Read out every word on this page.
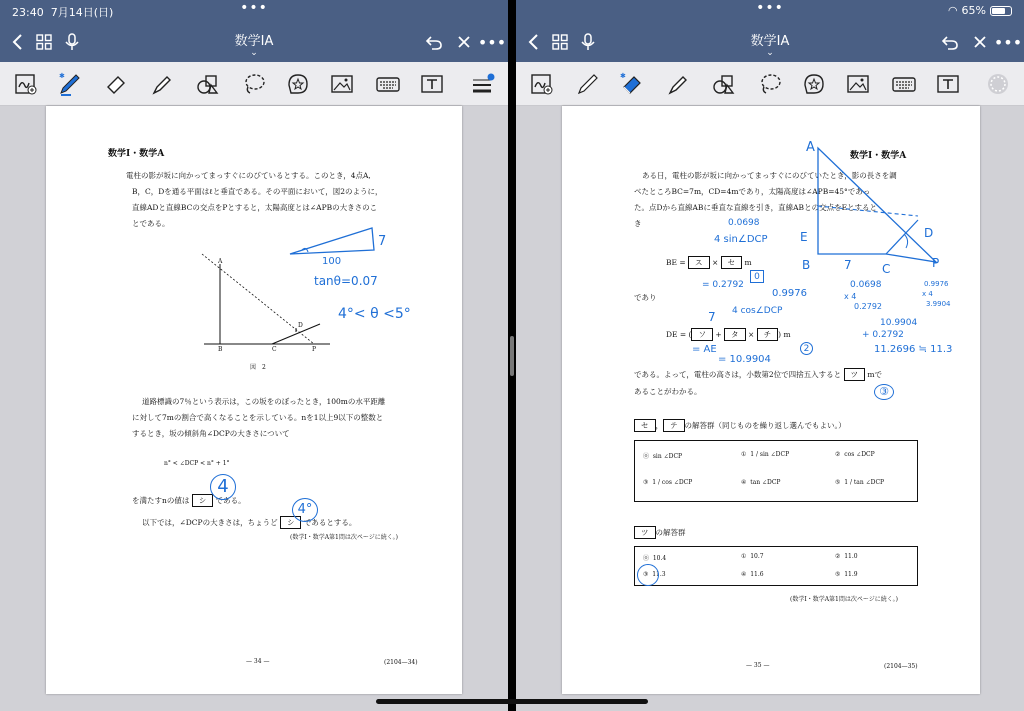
23:40 7月14日(日)	•••
数学IA
⌄
•••
✱
数学Ⅰ・数学A
電柱の影が坂に向かってまっすぐにのびているとする。このとき，4点A,
B，C，Dを通る平面はℓと垂直である。その平面において，図2のように，
直線ADと直線BCの交点をPとすると，太陽高度とは∠APBの大きさのこ
とである。
A
B	C
D
P
図　2
道路標識の7％という表示は，この坂をのぼったとき，100mの水平距離
に対して7mの割合で高くなることを示している。nを1以上9以下の整数と
するとき，坂の傾斜角∠DCPの大きさについて
n° < ∠DCP < n° + 1°
を満たすnの値は シ である。
以下では，∠DCPの大きさは，ちょうど シ であるとする。
(数学Ⅰ・数学A第1問は次ページに続く。)
— 34 —	(2104—34)
7
100
tanθ=0.07
4°< θ <5°
4
4°
•••	◠ 65%
数学IA
⌄
•••
✱
数学Ⅰ・数学A
ある日，電柱の影が坂に向かってまっすぐにのびていたとき，影の長さを調
べたところBC=7m，CD=4mであり，太陽高度は∠APB=45°であっ
た。点Dから直線ABに垂直な直線を引き，直線ABとの交点をEとすると
き
BE = ス × セ m
であり
DE = ( ソ + タ × チ ) m
である。よって，電柱の高さは，小数第2位で四捨五入すると ツ mで
あることがわかる。
セ ， テ の解答群（同じものを繰り返し選んでもよい。）
⓪ sin ∠DCP	① 1 / sin ∠DCP	② cos ∠DCP
③ 1 / cos ∠DCP	④ tan ∠DCP	⑤ 1 / tan ∠DCP
ツ の解答群
⓪ 10.4	① 10.7	② 11.0
③ 11.3	④ 11.6	⑤ 11.9
(数学Ⅰ・数学A第1問は次ページに続く。)
— 35 —	(2104—35)
A
E	D
B	7	C	P
0.0698
4 sin∠DCP
= 0.2792
0.9976
4 cos∠DCP
7
= AE
= 10.9904
0.0698
x 4
0.2792
0.9976
x 4
3.9904
10.9904
+ 0.2792
11.2696 ≒ 11.3
0
2
③
